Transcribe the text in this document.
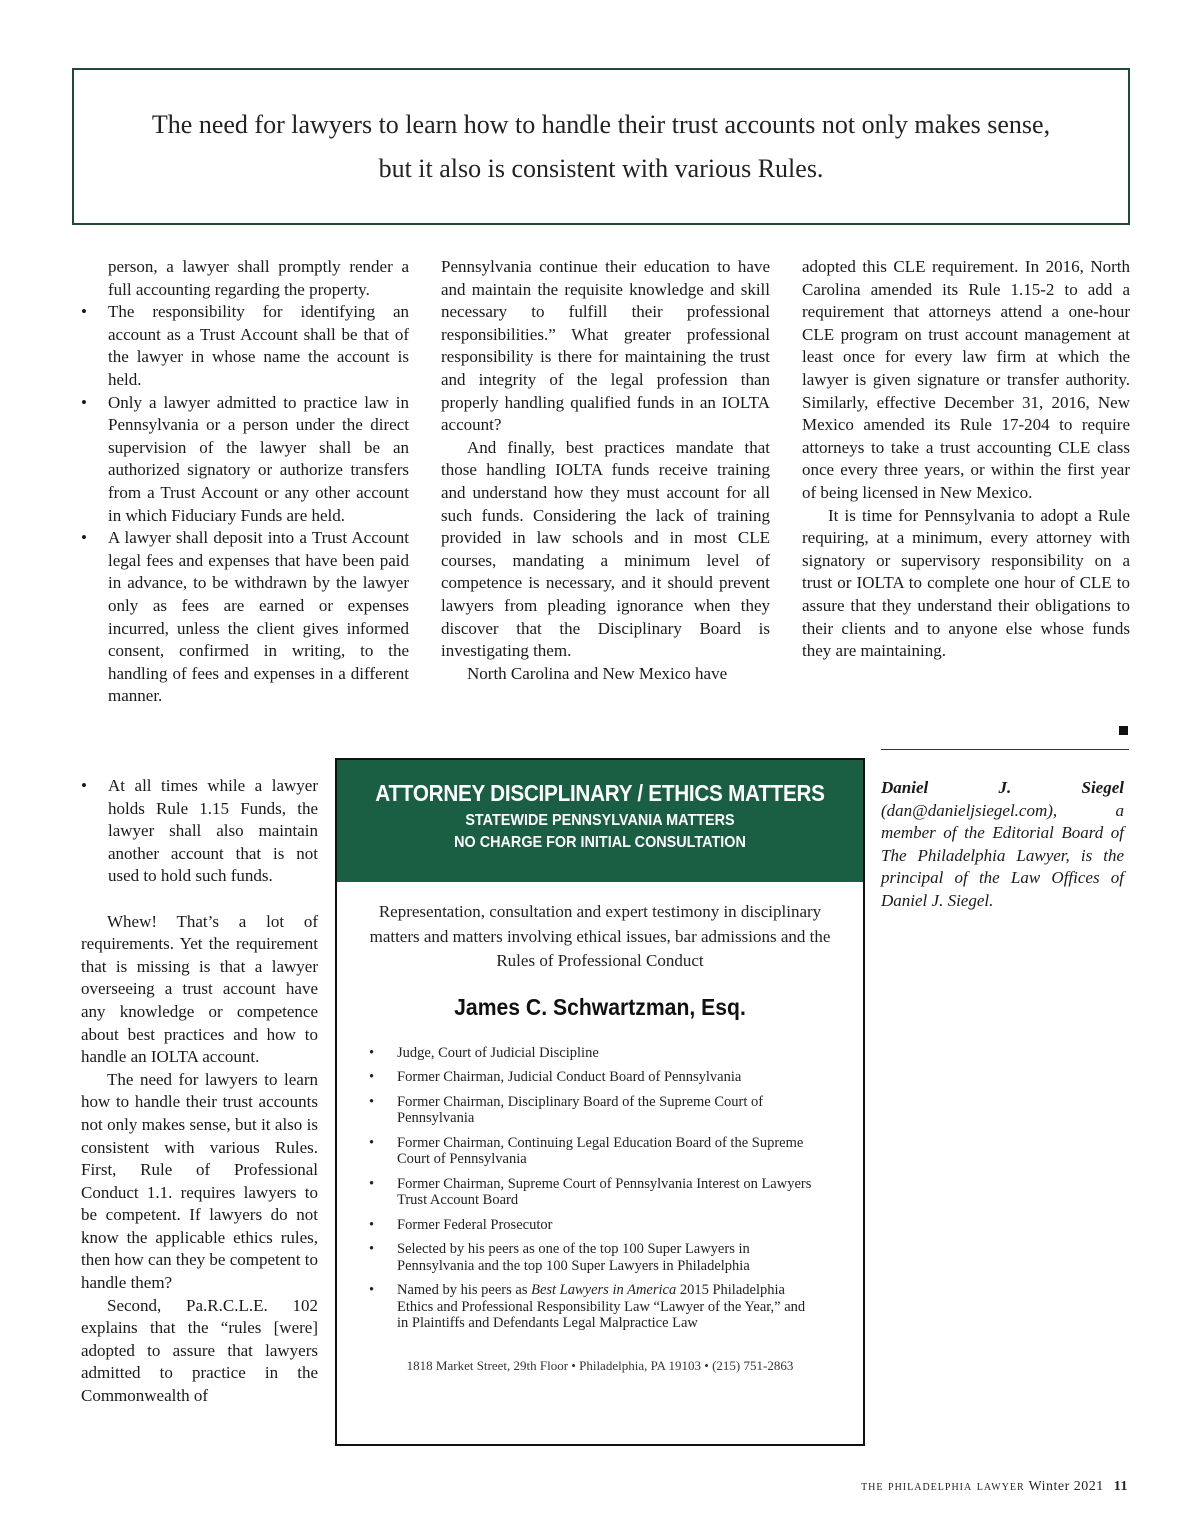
The need for lawyers to learn how to handle their trust accounts not only makes sense,
but it also is consistent with various Rules.

person, a lawyer shall promptly render a full accounting regarding the property.

• The responsibility for identifying an account as a Trust Account shall be that of the lawyer in whose name the account is held.
• Only a lawyer admitted to practice law in Pennsylvania or a person under the direct supervision of the lawyer shall be an authorized signatory or authorize transfers from a Trust Account or any other account in which Fiduciary Funds are held.
• A lawyer shall deposit into a Trust Account legal fees and expenses that have been paid in advance, to be withdrawn by the lawyer only as fees are earned or expenses incurred, unless the client gives informed consent, confirmed in writing, to the handling of fees and expenses in a different manner.
• At all times while a lawyer holds Rule 1.15 Funds, the lawyer shall also maintain another account that is not used to hold such funds.

Whew! That’s a lot of requirements. Yet the requirement that is missing is that a lawyer overseeing a trust account have any knowledge or competence about best practices and how to handle an IOLTA account.

The need for lawyers to learn how to handle their trust accounts not only makes sense, but it also is consistent with various Rules. First, Rule of Professional Conduct 1.1. requires lawyers to be competent. If lawyers do not know the applicable ethics rules, then how can they be competent to handle them?

Second, Pa.R.C.L.E. 102 explains that the “rules [were] adopted to assure that lawyers admitted to practice in the Commonwealth of

Pennsylvania continue their education to have and maintain the requisite knowledge and skill necessary to fulfill their professional responsibilities.” What greater professional responsibility is there for maintaining the trust and integrity of the legal profession than properly handling qualified funds in an IOLTA account?

And finally, best practices mandate that those handling IOLTA funds receive training and understand how they must account for all such funds. Considering the lack of training provided in law schools and in most CLE courses, mandating a minimum level of competence is necessary, and it should prevent lawyers from pleading ignorance when they discover that the Disciplinary Board is investigating them.

North Carolina and New Mexico have

adopted this CLE requirement. In 2016, North Carolina amended its Rule 1.15-2 to add a requirement that attorneys attend a one-hour CLE program on trust account management at least once for every law firm at which the lawyer is given signature or transfer authority. Similarly, effective December 31, 2016, New Mexico amended its Rule 17-204 to require attorneys to take a trust accounting CLE class once every three years, or within the first year of being licensed in New Mexico.

It is time for Pennsylvania to adopt a Rule requiring, at a minimum, every attorney with signatory or supervisory responsibility on a trust or IOLTA to complete one hour of CLE to assure that they understand their obligations to their clients and to anyone else whose funds they are maintaining.

Daniel J. Siegel (dan@danieljsiegel.com), a member of the Editorial Board of The Philadelphia Lawyer, is the principal of the Law Offices of Daniel J. Siegel.
ATTORNEY DISCIPLINARY / ETHICS MATTERS
STATEWIDE PENNSYLVANIA MATTERS
NO CHARGE FOR INITIAL CONSULTATION
Representation, consultation and expert testimony in disciplinary matters and matters involving ethical issues, bar admissions and the Rules of Professional Conduct
James C. Schwartzman, Esq.
• Judge, Court of Judicial Discipline
• Former Chairman, Judicial Conduct Board of Pennsylvania
• Former Chairman, Disciplinary Board of the Supreme Court of Pennsylvania
• Former Chairman, Continuing Legal Education Board of the Supreme Court of Pennsylvania
• Former Chairman, Supreme Court of Pennsylvania Interest on Lawyers Trust Account Board
• Former Federal Prosecutor
• Selected by his peers as one of the top 100 Super Lawyers in Pennsylvania and the top 100 Super Lawyers in Philadelphia
• Named by his peers as Best Lawyers in America 2015 Philadelphia Ethics and Professional Responsibility Law “Lawyer of the Year,” and in Plaintiffs and Defendants Legal Malpractice Law
1818 Market Street, 29th Floor • Philadelphia, PA 19103 • (215) 751-2863
the philadelphia lawyer Winter 2021 11
